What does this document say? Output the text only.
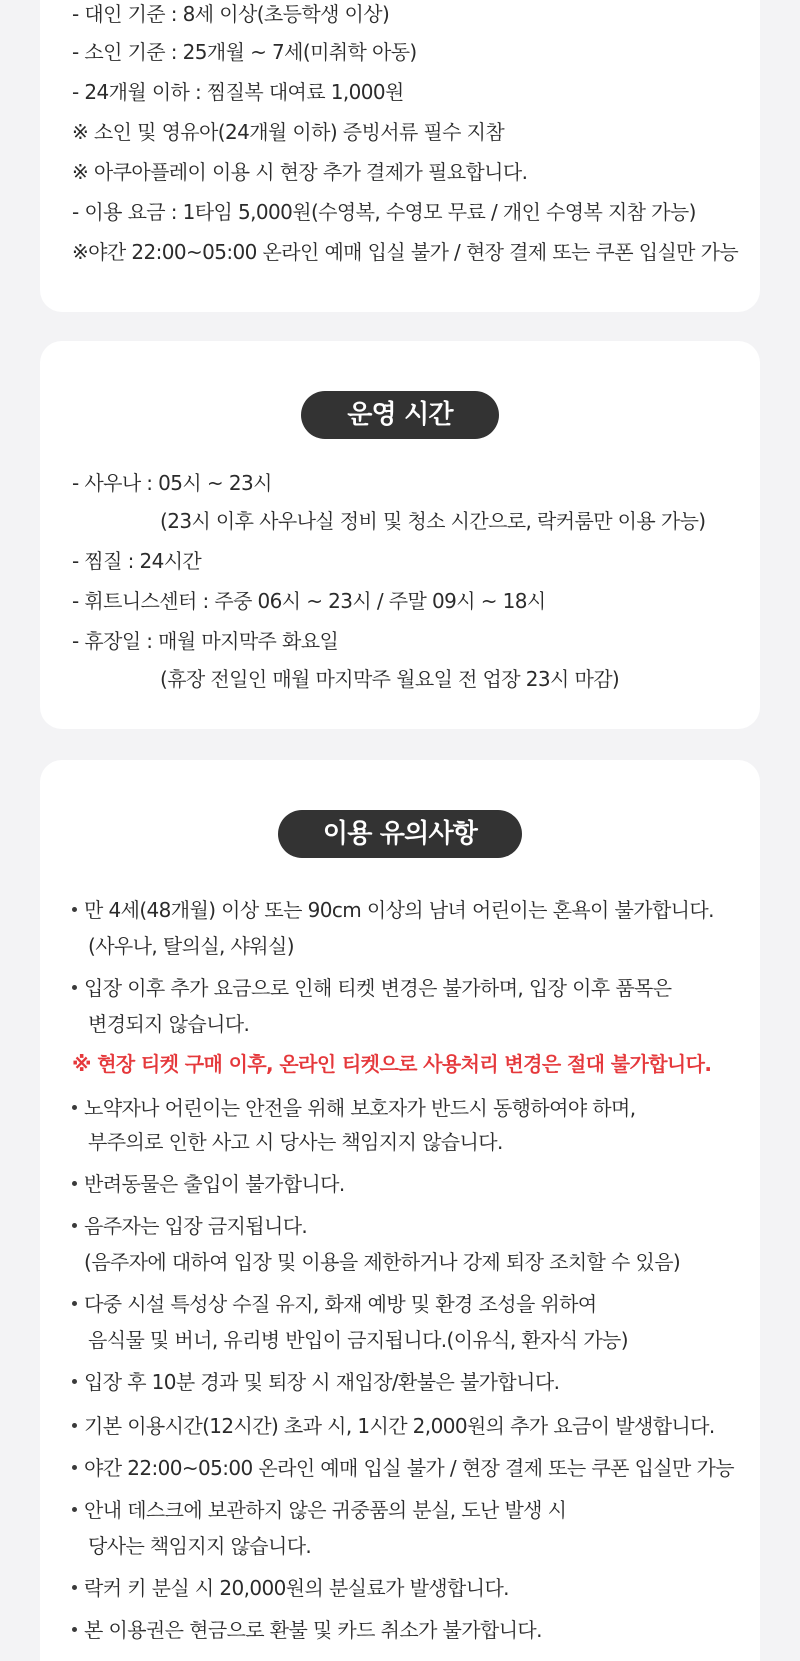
- 대인 기준 : 8세 이상(초등학생 이상)
- 소인 기준 : 25개월 ~ 7세(미취학 아동)
- 24개월 이하 : 찜질복 대여료 1,000원
※ 소인 및 영유아(24개월 이하) 증빙서류 필수 지참
※ 아쿠아플레이 이용 시 현장 추가 결제가 필요합니다.
- 이용 요금 : 1타임 5,000원(수영복, 수영모 무료 / 개인 수영복 지참 가능)
※야간 22:00~05:00 온라인 예매 입실 불가 / 현장 결제 또는 쿠폰 입실만 가능
운영 시간
- 사우나 : 05시 ~ 23시
(23시 이후 사우나실 정비 및 청소 시간으로, 락커룸만 이용 가능)
- 찜질 : 24시간
- 휘트니스센터 : 주중 06시 ~ 23시 / 주말 09시 ~ 18시
- 휴장일 : 매월 마지막주 화요일
(휴장 전일인 매월 마지막주 월요일 전 업장 23시 마감)
이용 유의사항
만 4세(48개월) 이상 또는 90cm 이상의 남녀 어린이는 혼욕이 불가합니다.
(사우나, 탈의실, 샤워실)
입장 이후 추가 요금으로 인해 티켓 변경은 불가하며, 입장 이후 품목은
변경되지 않습니다.
※ 현장 티켓 구매 이후, 온라인 티켓으로 사용처리 변경은 절대 불가합니다.
노약자나 어린이는 안전을 위해 보호자가 반드시 동행하여야 하며,
부주의로 인한 사고 시 당사는 책임지지 않습니다.
반려동물은 출입이 불가합니다.
음주자는 입장 금지됩니다.
(음주자에 대하여 입장 및 이용을 제한하거나 강제 퇴장 조치할 수 있음)
다중 시설 특성상 수질 유지, 화재 예방 및 환경 조성을 위하여
음식물 및 버너, 유리병 반입이 금지됩니다.(이유식, 환자식 가능)
입장 후 10분 경과 및 퇴장 시 재입장/환불은 불가합니다.
기본 이용시간(12시간) 초과 시, 1시간 2,000원의 추가 요금이 발생합니다.
야간 22:00~05:00 온라인 예매 입실 불가 / 현장 결제 또는 쿠폰 입실만 가능
안내 데스크에 보관하지 않은 귀중품의 분실, 도난 발생 시
당사는 책임지지 않습니다.
락커 키 분실 시 20,000원의 분실료가 발생합니다.
본 이용권은 현금으로 환불 및 카드 취소가 불가합니다.
